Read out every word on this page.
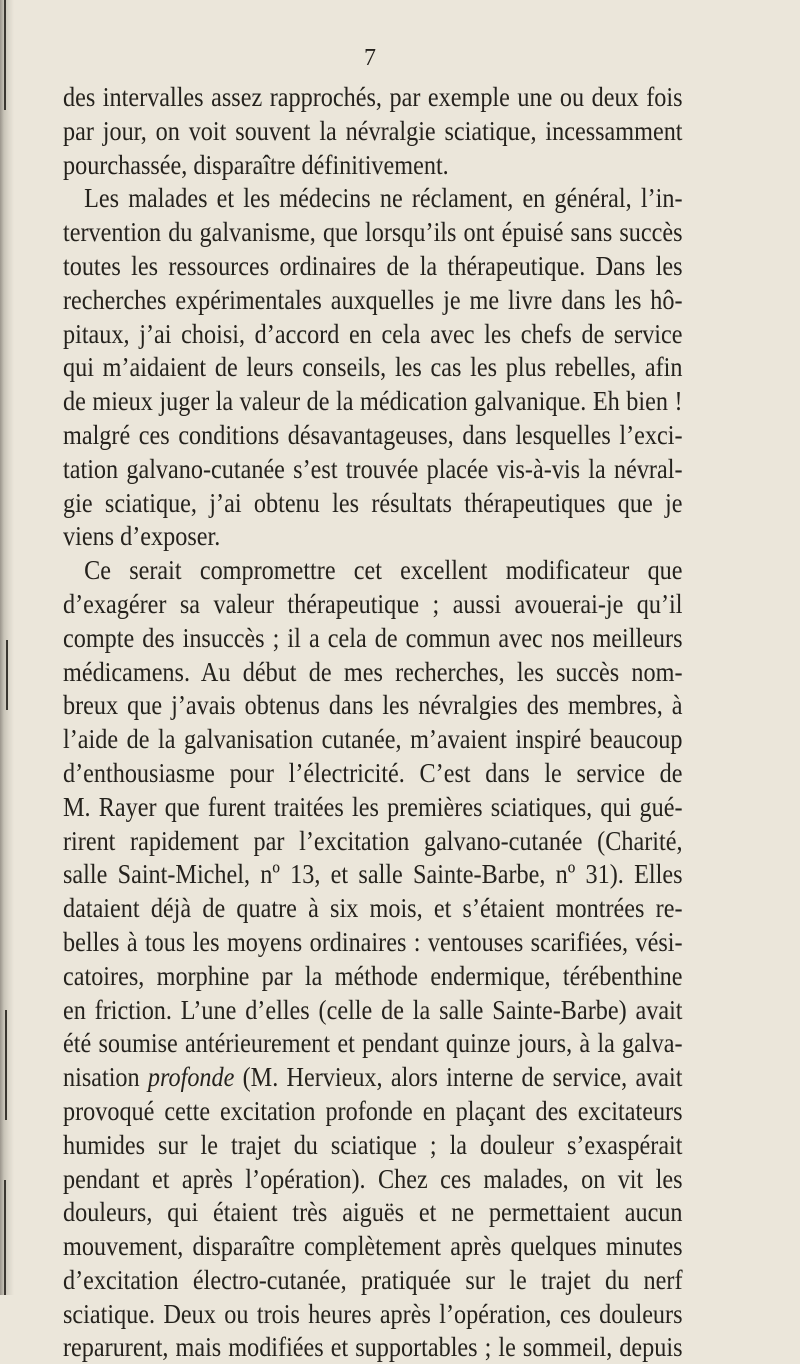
7
des intervalles assez rapprochés, par exemple une ou deux fois
par jour, on voit souvent la névralgie sciatique, incessamment
pourchassée, disparaître définitivement.
Les malades et les médecins ne réclament, en général, l’in-
tervention du galvanisme, que lorsqu’ils ont épuisé sans succès
toutes les ressources ordinaires de la thérapeutique. Dans les
recherches expérimentales auxquelles je me livre dans les hô-
pitaux, j’ai choisi, d’accord en cela avec les chefs de service
qui m’aidaient de leurs conseils, les cas les plus rebelles, afin
de mieux juger la valeur de la médication galvanique. Eh bien !
malgré ces conditions désavantageuses, dans lesquelles l’exci-
tation galvano-cutanée s’est trouvée placée vis-à-vis la névral-
gie sciatique, j’ai obtenu les résultats thérapeutiques que je
viens d’exposer.
Ce serait compromettre cet excellent modificateur que
d’exagérer sa valeur thérapeutique ; aussi avouerai-je qu’il
compte des insuccès ; il a cela de commun avec nos meilleurs
médicamens. Au début de mes recherches, les succès nom-
breux que j’avais obtenus dans les névralgies des membres, à
l’aide de la galvanisation cutanée, m’avaient inspiré beaucoup
d’enthousiasme pour l’électricité. C’est dans le service de
M. Rayer que furent traitées les premières sciatiques, qui gué-
rirent rapidement par l’excitation galvano-cutanée (Charité,
salle Saint-Michel, nº 13, et salle Sainte-Barbe, nº 31). Elles
dataient déjà de quatre à six mois, et s’étaient montrées re-
belles à tous les moyens ordinaires : ventouses scarifiées, vési-
catoires, morphine par la méthode endermique, térébenthine
en friction. L’une d’elles (celle de la salle Sainte-Barbe) avait
été soumise antérieurement et pendant quinze jours, à la galva-
nisation profonde (M. Hervieux, alors interne de service, avait
provoqué cette excitation profonde en plaçant des excitateurs
humides sur le trajet du sciatique ; la douleur s’exaspérait
pendant et après l’opération). Chez ces malades, on vit les
douleurs, qui étaient très aiguës et ne permettaient aucun
mouvement, disparaître complètement après quelques minutes
d’excitation électro-cutanée, pratiquée sur le trajet du nerf
sciatique. Deux ou trois heures après l’opération, ces douleurs
reparurent, mais modifiées et supportables ; le sommeil, depuis
